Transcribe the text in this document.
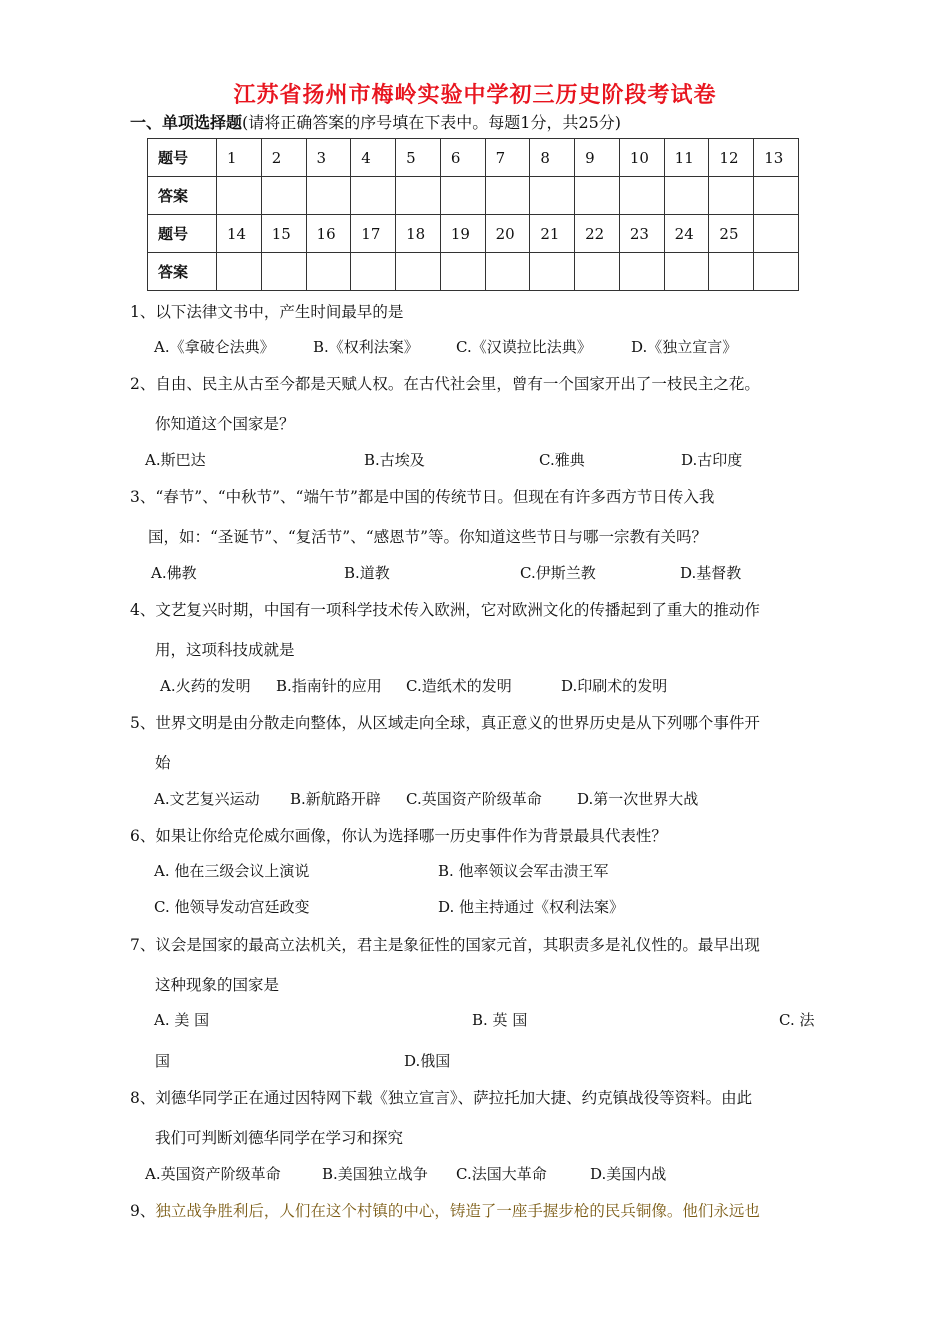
江苏省扬州市梅岭实验中学初三历史阶段考试卷
一、单项选择题(请将正确答案的序号填在下表中。每题1分，共25分)
题号	1	2	3	4	5	6	7	8	9	10	11	12	13
答案													
题号	14	15	16	17	18	19	20	21	22	23	24	25	
答案													
1、以下法律文书中，产生时间最早的是
A.《拿破仑法典》	B.《权利法案》 C.《汉谟拉比法典》	D.《独立宣言》
2、自由、民主从古至今都是天赋人权。在古代社会里，曾有一个国家开出了一枝民主之花。
你知道这个国家是？
A.斯巴达	B.古埃及	C.雅典	D.古印度
3、“春节”、“中秋节”、“端午节”都是中国的传统节日。但现在有许多西方节日传入我
国，如：“圣诞节”、“复活节”、“感恩节”等。你知道这些节日与哪一宗教有关吗？
A.佛教	B.道教	C.伊斯兰教	D.基督教
4、文艺复兴时期，中国有一项科学技术传入欧洲，它对欧洲文化的传播起到了重大的推动作
用，这项科技成就是
A.火药的发明 B.指南针的应用 C.造纸术的发明	D.印刷术的发明
5、世界文明是由分散走向整体，从区域走向全球，真正意义的世界历史是从下列哪个事件开
始
A.文艺复兴运动 B.新航路开辟 C.英国资产阶级革命 D.第一次世界大战
6、如果让你给克伦威尔画像，你认为选择哪一历史事件作为背景最具代表性？
A. 他在三级会议上演说	B. 他率领议会军击溃王军
C. 他领导发动宫廷政变	D. 他主持通过《权利法案》
7、议会是国家的最高立法机关，君主是象征性的国家元首，其职责多是礼仪性的。最早出现
这种现象的国家是
A. 美 国	B. 英 国	C. 法
国	D.俄国
8、刘德华同学正在通过因特网下载《独立宣言》、萨拉托加大捷、约克镇战役等资料。由此
我们可判断刘德华同学在学习和探究
A.英国资产阶级革命	B.美国独立战争 C.法国大革命	D.美国内战
9、独立战争胜利后，人们在这个村镇的中心，铸造了一座手握步枪的民兵铜像。他们永远也
